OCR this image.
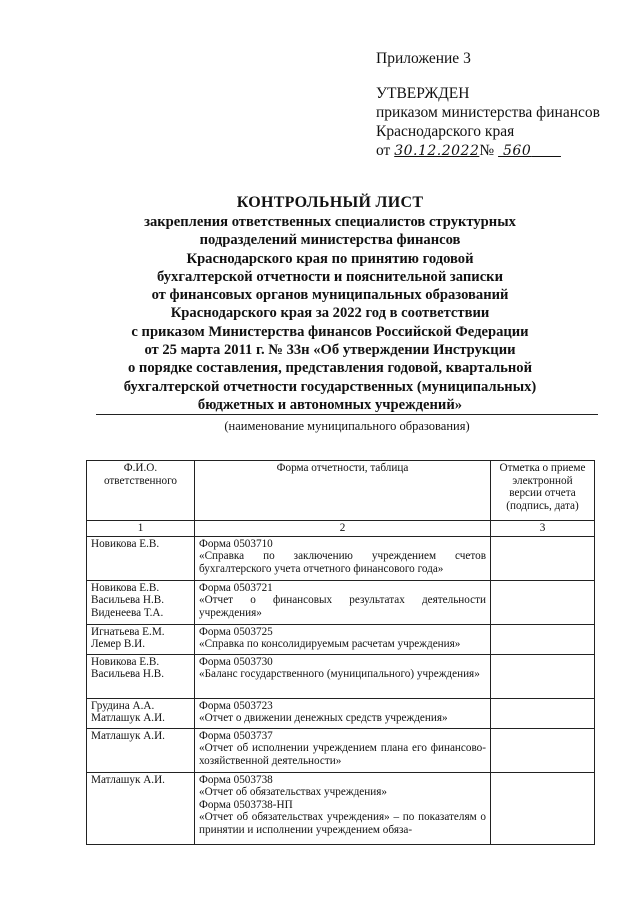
Приложение 3
УТВЕРЖДЕН
приказом министерства финансов
Краснодарского края
от 30.12.2022№ 560
КОНТРОЛЬНЫЙ ЛИСТ
закрепления ответственных специалистов структурных
подразделений министерства финансов
Краснодарского края по принятию годовой
бухгалтерской отчетности и пояснительной записки
от финансовых органов муниципальных образований
Краснодарского края за 2022 год в соответствии
с приказом Министерства финансов Российской Федерации
от 25 марта 2011 г. № 33н «Об утверждении Инструкции
о порядке составления, представления годовой, квартальной
бухгалтерской отчетности государственных (муниципальных)
бюджетных и автономных учреждений»
(наименование муниципального образования)
Ф.И.О.
ответственного	Форма отчетности, таблица	Отметка о приеме
электронной
версии отчета
(подпись, дата)

1	2	3

Новикова Е.В.	Форма 0503710
«Справка по заключению учреждением счетов бухгалтерского учета отчетного финансового года»	

Новикова Е.В.
Васильева Н.В.
Виденеева Т.А.	Форма 0503721
«Отчет о финансовых результатах деятельности учреждения»	

Игнатьева Е.М.
Лемер В.И.	Форма 0503725
«Справка по консолидируемым расчетам учреждения»	

Новикова Е.В.
Васильева Н.В.	Форма 0503730
«Баланс государственного (муниципального) учреждения»	

Грудина А.А.
Матлашук А.И.	Форма 0503723
«Отчет о движении денежных средств учреждения»	

Матлашук А.И.	Форма 0503737
«Отчет об исполнении учреждением плана его финансово-хозяйственной деятельности»	

Матлашук А.И.	Форма 0503738
«Отчет об обязательствах учреждения»
Форма 0503738-НП
«Отчет об обязательствах учреждения» – по показателям о принятии и исполнении учреждением обяза-	
